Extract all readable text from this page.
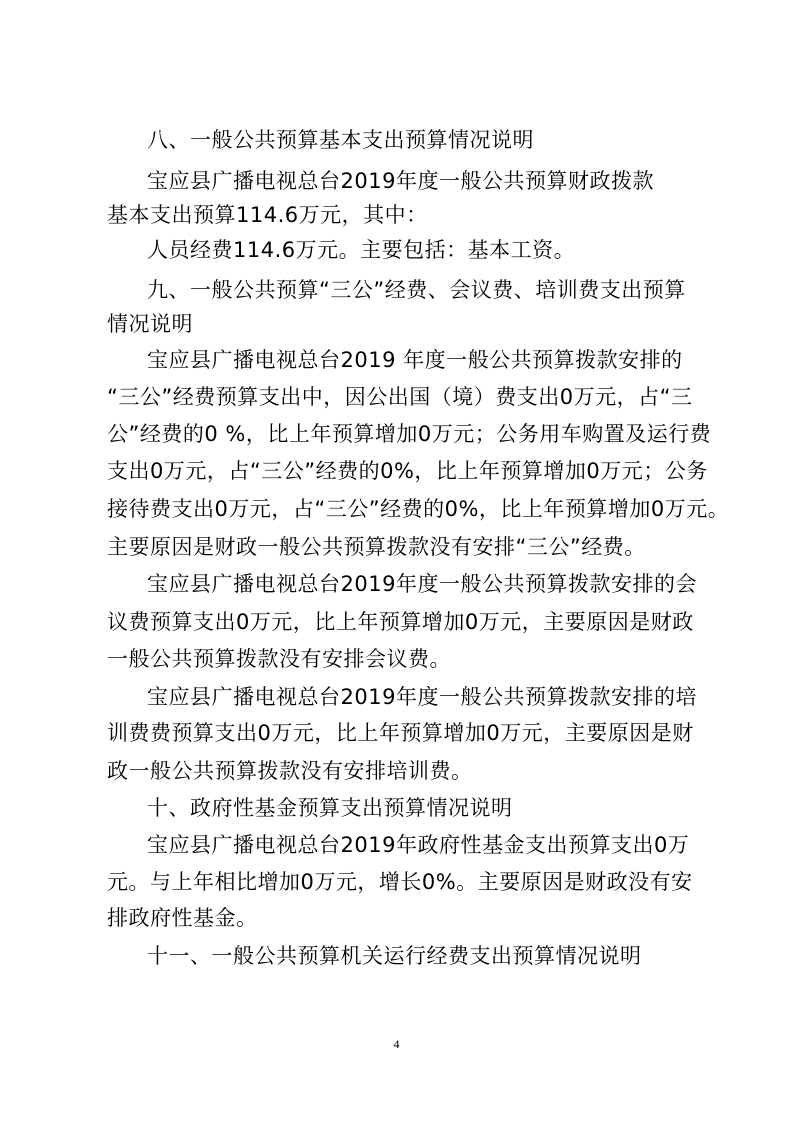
八、一般公共预算基本支出预算情况说明
宝应县广播电视总台2019年度一般公共预算财政拨款
基本支出预算114.6万元，其中：
人员经费114.6万元。主要包括：基本工资。
九、一般公共预算“三公”经费、会议费、培训费支出预算
情况说明
宝应县广播电视总台2019 年度一般公共预算拨款安排的
“三公”经费预算支出中，因公出国（境）费支出0万元，占“三
公”经费的0 %，比上年预算增加0万元；公务用车购置及运行费
支出0万元，占“三公”经费的0%，比上年预算增加0万元；公务
接待费支出0万元，占“三公”经费的0%，比上年预算增加0万元。
主要原因是财政一般公共预算拨款没有安排“三公”经费。
宝应县广播电视总台2019年度一般公共预算拨款安排的会
议费预算支出0万元，比上年预算增加0万元，主要原因是财政
一般公共预算拨款没有安排会议费。
宝应县广播电视总台2019年度一般公共预算拨款安排的培
训费费预算支出0万元，比上年预算增加0万元，主要原因是财
政一般公共预算拨款没有安排培训费。
十、政府性基金预算支出预算情况说明
宝应县广播电视总台2019年政府性基金支出预算支出0万
元。与上年相比增加0万元，增长0%。主要原因是财政没有安
排政府性基金。
十一、一般公共预算机关运行经费支出预算情况说明
4
